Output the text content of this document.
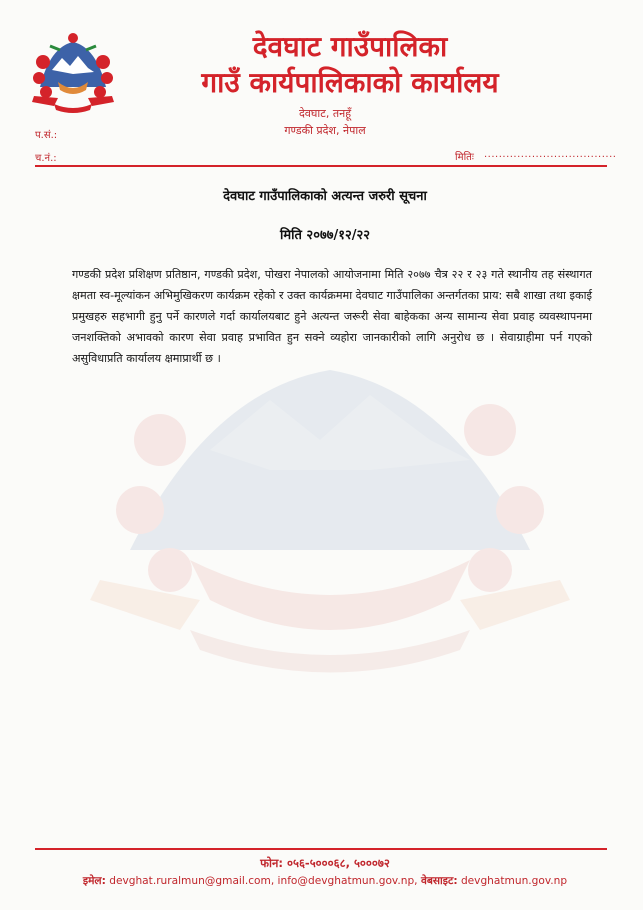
देवघाट गाउँपालिका
गाउँ कार्यपालिकाको कार्यालय
देवघाट, तनहूँ
गण्डकी प्रदेश, नेपाल
प.सं.:
च.नं.:	मितिः ....................................
देवघाट गाउँपालिकाको अत्यन्त जरुरी सूचना
मिति २०७७/१२/२२
गण्डकी प्रदेश प्रशिक्षण प्रतिष्ठान, गण्डकी प्रदेश, पोखरा नेपालको आयोजनामा मिति २०७७ चैत्र २२ र २३ गते स्थानीय तह संस्थागत क्षमता स्व-मूल्यांकन अभिमुखिकरण कार्यक्रम रहेको र उक्त कार्यक्रममा देवघाट गाउँपालिका अन्तर्गतका प्राय: सबै शाखा तथा इकाई प्रमुखहरु सहभागी हुनु पर्ने कारणले गर्दा कार्यालयबाट हुने अत्यन्त जरूरी सेवा बाहेकका अन्य सामान्य सेवा प्रवाह व्यवस्थापनमा जनशक्तिको अभावको कारण सेवा प्रवाह प्रभावित हुन सक्ने व्यहोरा जानकारीको लागि अनुरोध छ । सेवाग्राहीमा पर्न गएको असुविधाप्रति कार्यालय क्षमाप्रार्थी छ ।
फोन: ०५६-५०००६८, ५०००७२
इमेल: devghat.ruralmun@gmail.com, info@devghatmun.gov.np, वेबसाइट: devghatmun.gov.np
